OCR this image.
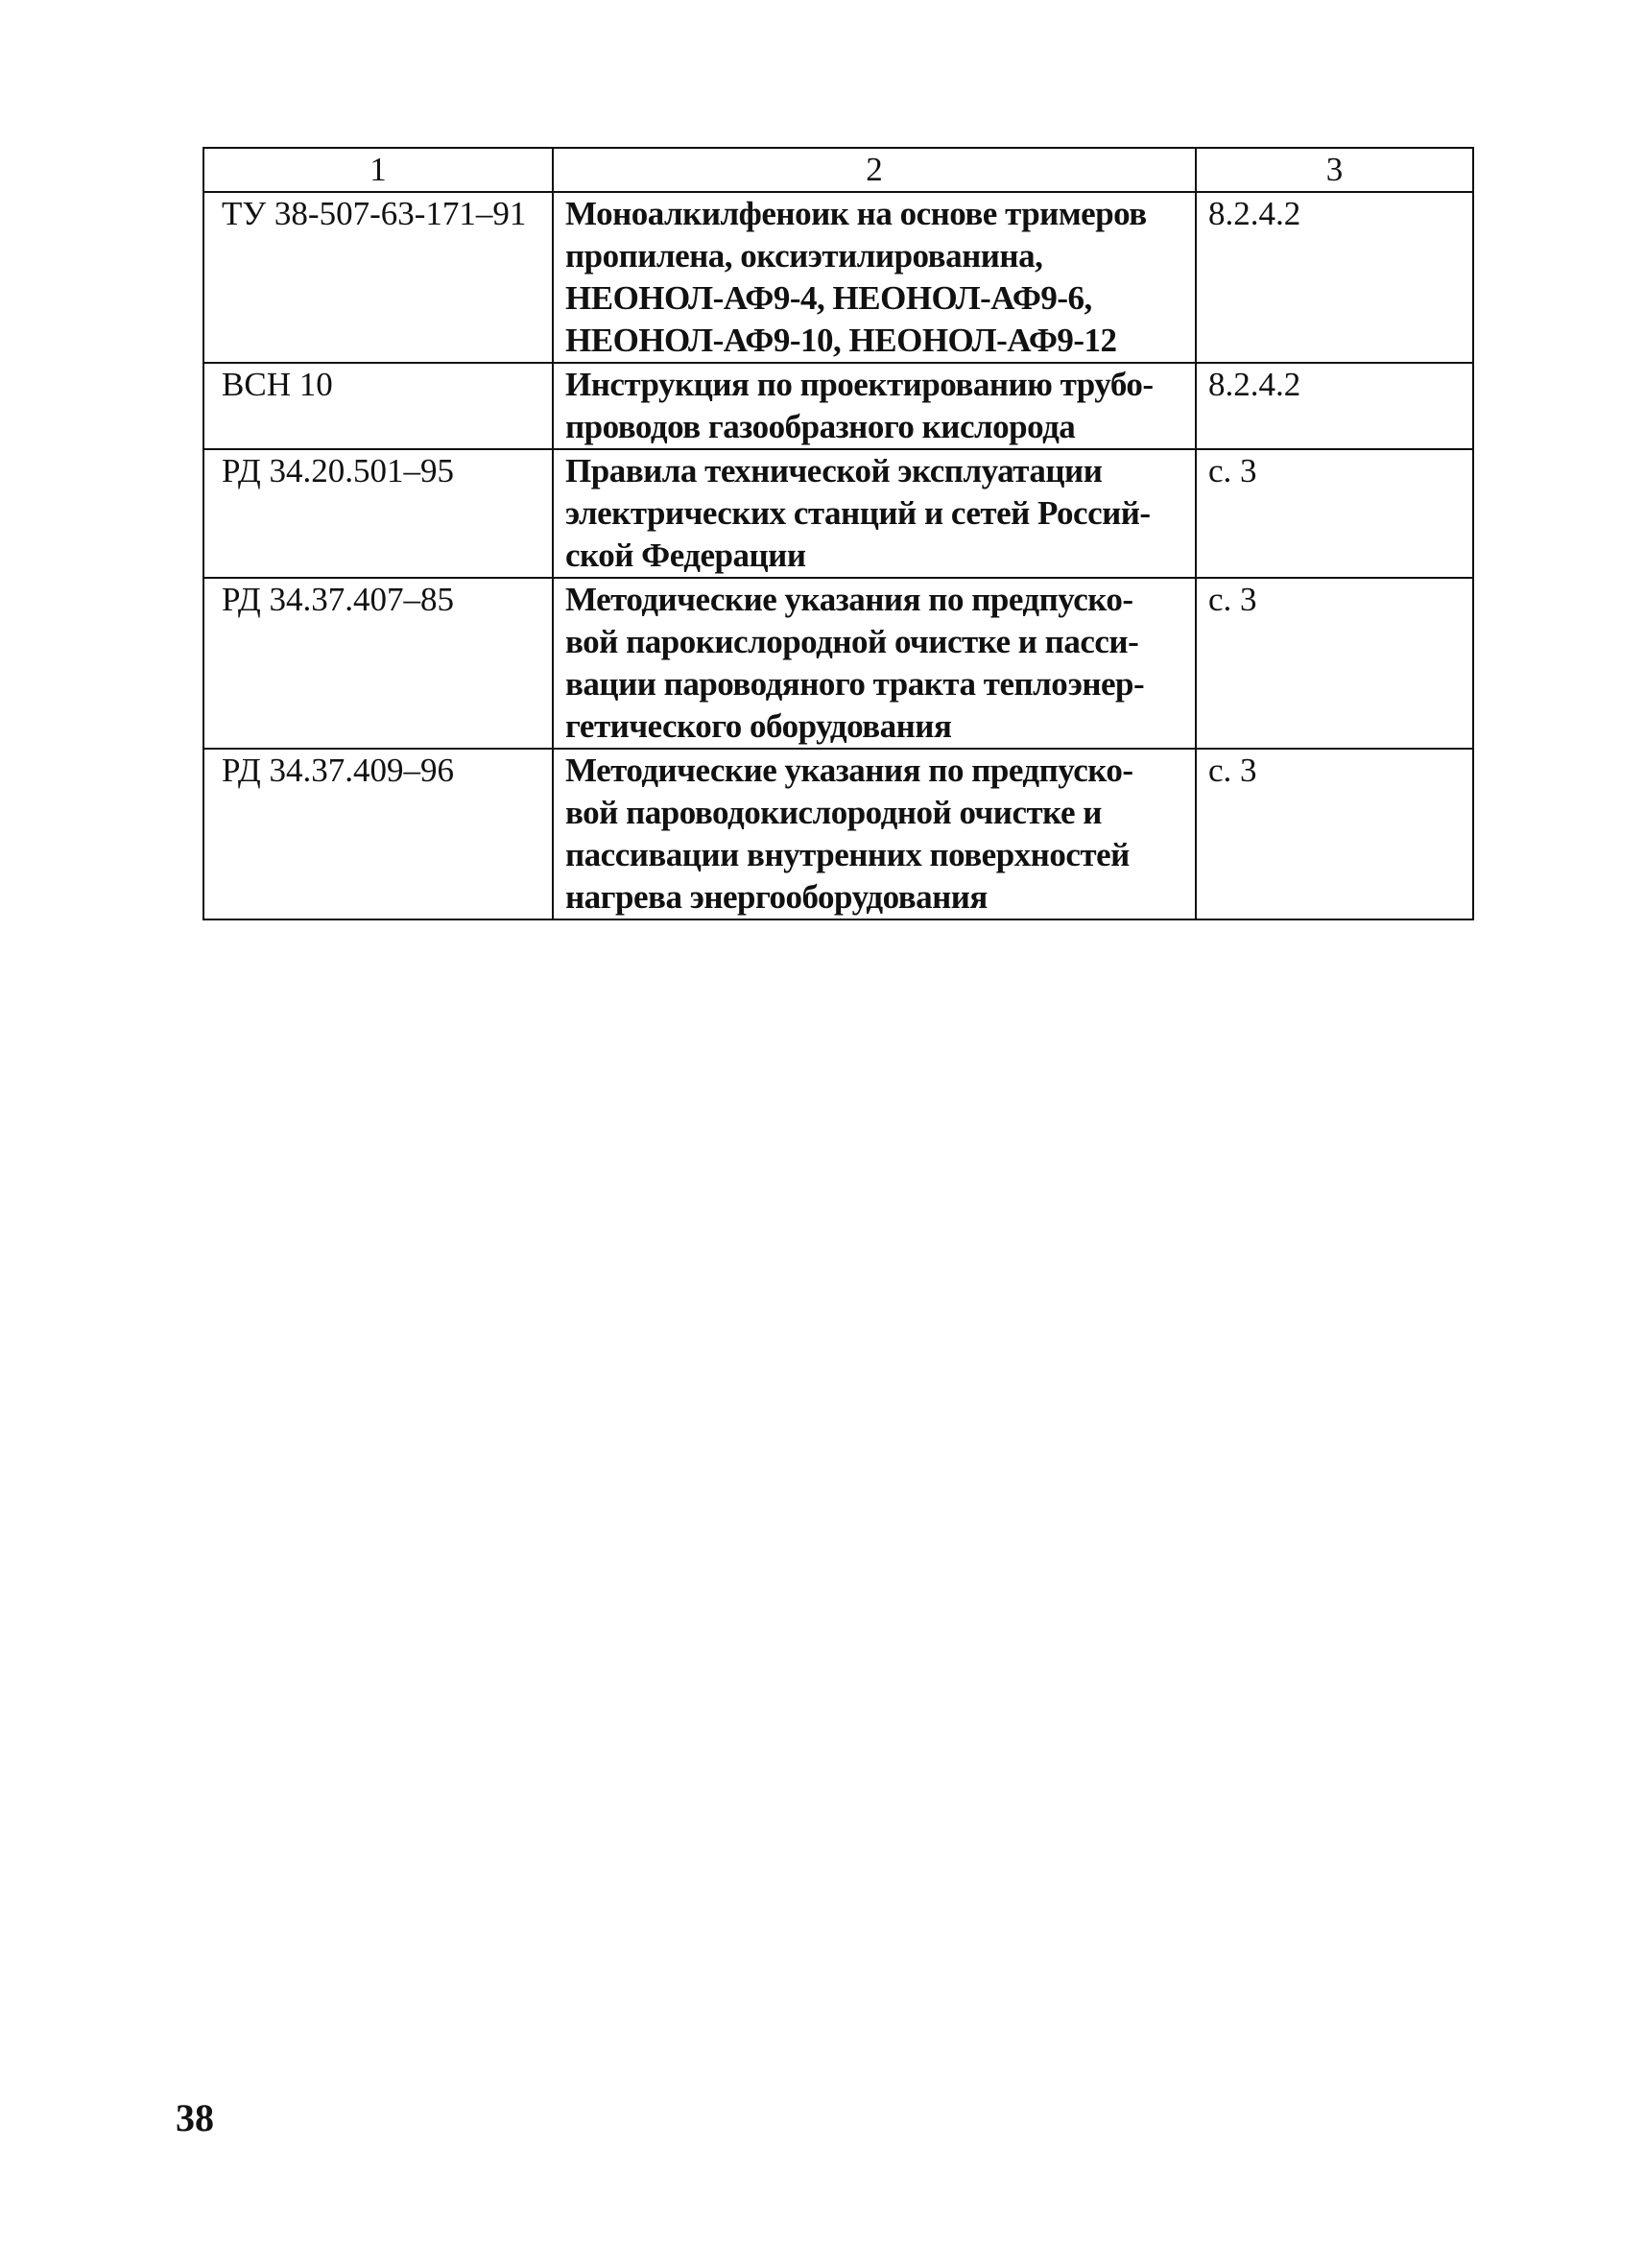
1	2	3
ТУ 38-507-63-171–91	Моноалкилфеноик на основе тримеров
пропилена, оксиэтилированина,
НЕОНОЛ-АФ9-4, НЕОНОЛ-АФ9-6,
НЕОНОЛ-АФ9-10, НЕОНОЛ-АФ9-12	8.2.4.2
ВСН 10	Инструкция по проектированию трубо-
проводов газообразного кислорода	8.2.4.2
РД 34.20.501–95	Правила технической эксплуатации
электрических станций и сетей Россий-
ской Федерации	с. 3
РД 34.37.407–85	Методические указания по предпуско-
вой парокислородной очистке и пасси-
вации пароводяного тракта теплоэнер-
гетического оборудования	с. 3
РД 34.37.409–96	Методические указания по предпуско-
вой пароводокислородной очистке и
пассивации внутренних поверхностей
нагрева энергооборудования	с. 3
38
